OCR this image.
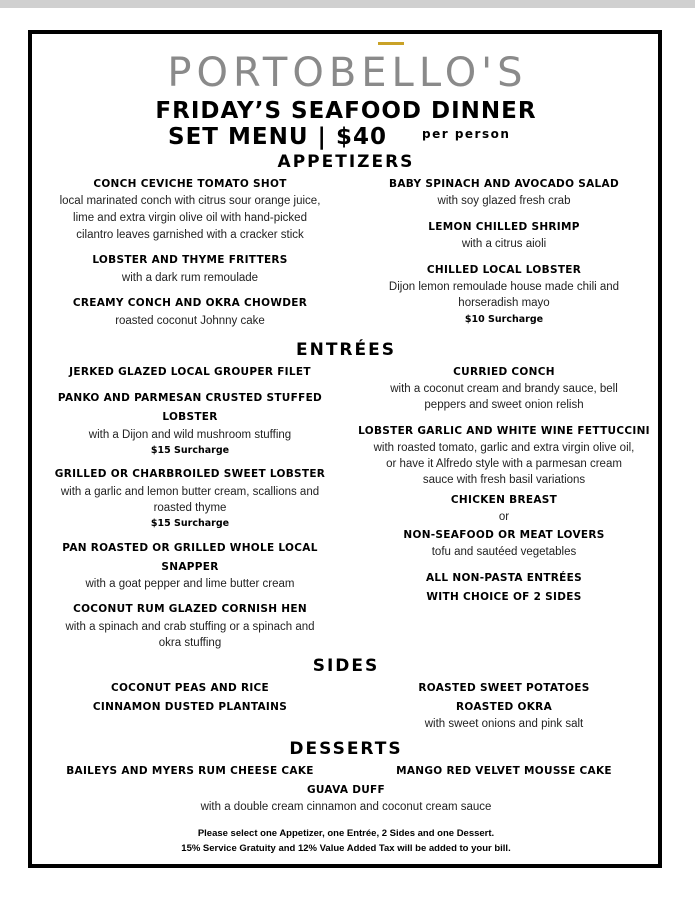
PORTOBELLO'S
FRIDAY’S SEAFOOD DINNER
SET MENU | $40	per person
APPETIZERS
CONCH CEVICHE TOMATO SHOT
local marinated conch with citrus sour orange juice,
lime and extra virgin olive oil with hand-picked
cilantro leaves garnished with a cracker stick
LOBSTER AND THYME FRITTERS
with a dark rum remoulade
CREAMY CONCH AND OKRA CHOWDER
roasted coconut Johnny cake
BABY SPINACH AND AVOCADO SALAD
with soy glazed fresh crab
LEMON CHILLED SHRIMP
with a citrus aioli
CHILLED LOCAL LOBSTER
Dijon lemon remoulade house made chili and
horseradish mayo
$10 Surcharge
ENTRÉES
JERKED GLAZED LOCAL GROUPER FILET
PANKO AND PARMESAN CRUSTED STUFFED
LOBSTER
with a Dijon and wild mushroom stuffing
$15 Surcharge
GRILLED OR CHARBROILED SWEET LOBSTER
with a garlic and lemon butter cream, scallions and
roasted thyme
$15 Surcharge
PAN ROASTED OR GRILLED WHOLE LOCAL
SNAPPER
with a goat pepper and lime butter cream
COCONUT RUM GLAZED CORNISH HEN
with a spinach and crab stuffing or a spinach and
okra stuffing
CURRIED CONCH
with a coconut cream and brandy sauce, bell
peppers and sweet onion relish
LOBSTER GARLIC AND WHITE WINE FETTUCCINI
with roasted tomato, garlic and extra virgin olive oil,
or have it Alfredo style with a parmesan cream
sauce with fresh basil variations
CHICKEN BREAST
or
NON-SEAFOOD OR MEAT LOVERS
tofu and sautéed vegetables
ALL NON-PASTA ENTRÉES
WITH CHOICE OF 2 SIDES
SIDES
COCONUT PEAS AND RICE
CINNAMON DUSTED PLANTAINS
ROASTED SWEET POTATOES
ROASTED OKRA
with sweet onions and pink salt
DESSERTS
BAILEYS AND MYERS RUM CHEESE CAKE	MANGO RED VELVET MOUSSE CAKE
GUAVA DUFF
with a double cream cinnamon and coconut cream sauce
Please select one Appetizer, one Entrée, 2 Sides and one Dessert.
15% Service Gratuity and 12% Value Added Tax will be added to your bill.
